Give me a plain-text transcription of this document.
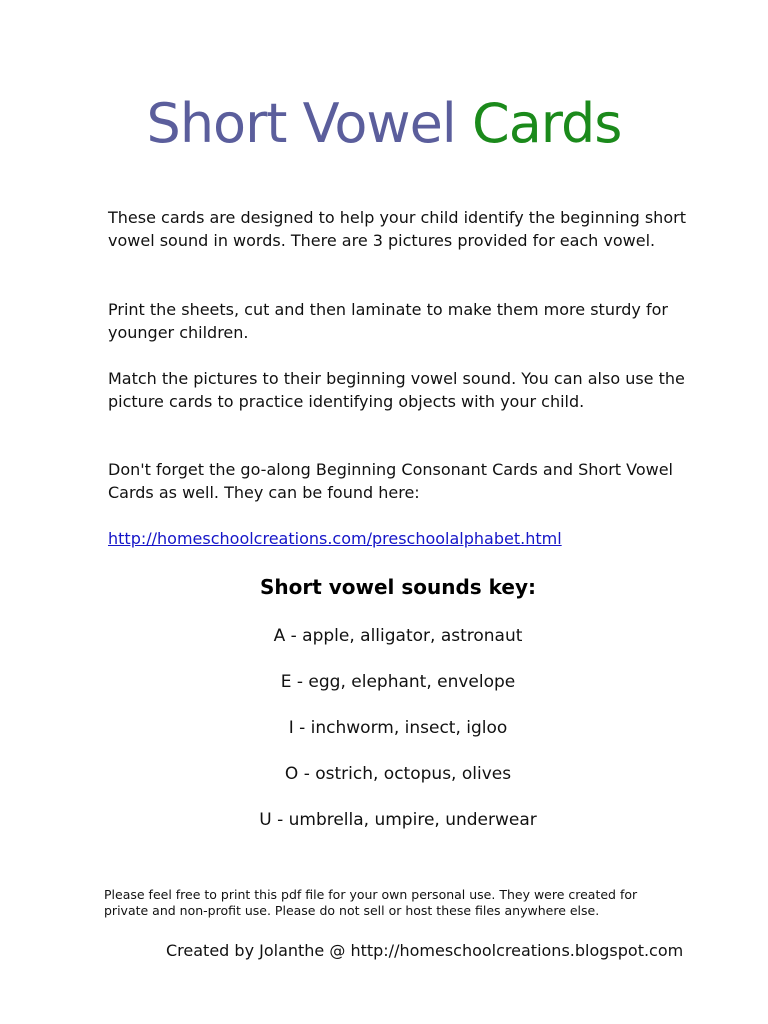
Short Vowel Cards

These cards are designed to help your child identify the beginning short vowel sound in words. There are 3 pictures provided for each vowel.

Print the sheets, cut and then laminate to make them more sturdy for younger children.

Match the pictures to their beginning vowel sound. You can also use the picture cards to practice identifying objects with your child.

Don't forget the go-along Beginning Consonant Cards and Short Vowel Cards as well. They can be found here:

http://homeschoolcreations.com/preschoolalphabet.html
Short vowel sounds key:
A - apple, alligator, astronaut
E - egg, elephant, envelope
I - inchworm, insect, igloo
O - ostrich, octopus, olives
U - umbrella, umpire, underwear

Please feel free to print this pdf file for your own personal use. They were created for private and non-profit use. Please do not sell or host these files anywhere else.

Created by Jolanthe @ http://homeschoolcreations.blogspot.com
